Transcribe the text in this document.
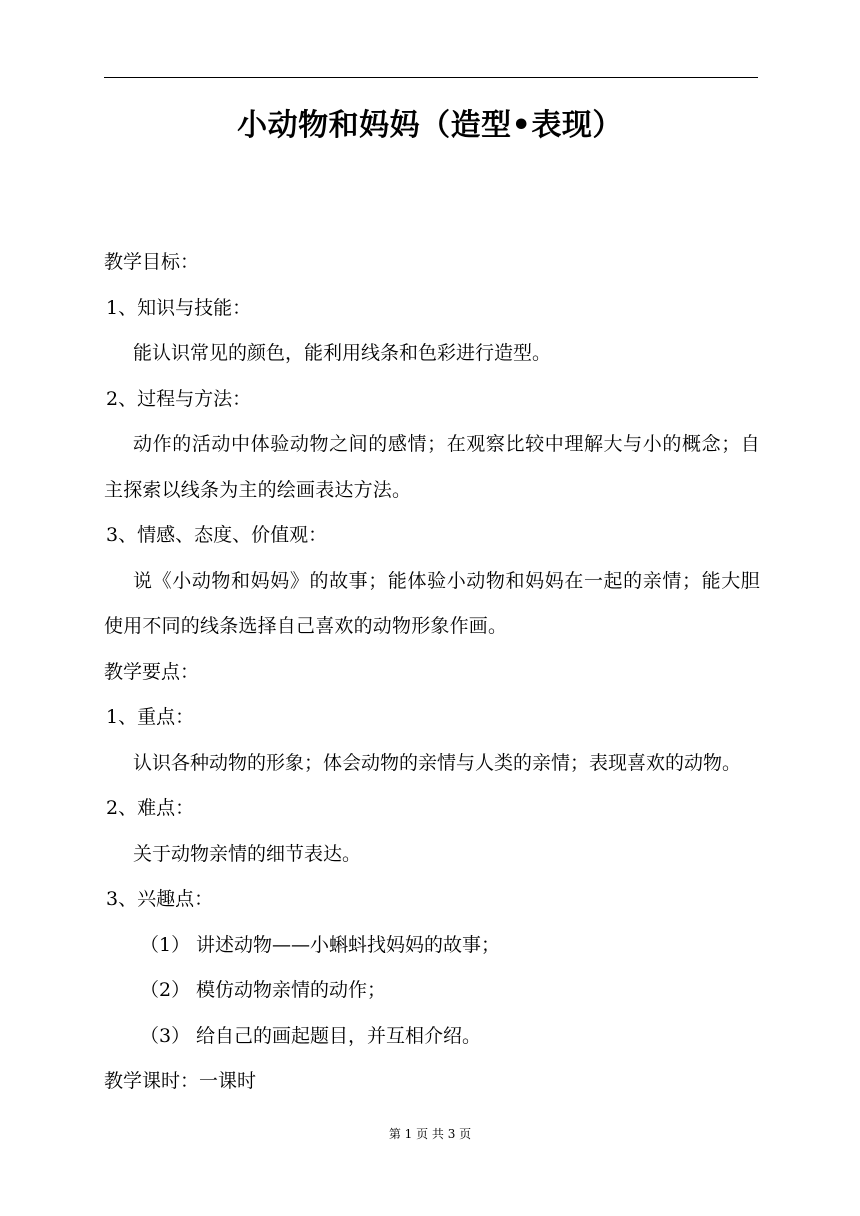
小动物和妈妈（造型•表现）
教学目标：
1、知识与技能：
能认识常见的颜色，能利用线条和色彩进行造型。
2、过程与方法：
动作的活动中体验动物之间的感情；在观察比较中理解大与小的概念；自主探索以线条为主的绘画表达方法。
3、情感、态度、价值观：
说《小动物和妈妈》的故事；能体验小动物和妈妈在一起的亲情；能大胆使用不同的线条选择自己喜欢的动物形象作画。
教学要点：
1、重点：
认识各种动物的形象；体会动物的亲情与人类的亲情；表现喜欢的动物。
2、难点：
关于动物亲情的细节表达。
3、兴趣点：
（1） 讲述动物——小蝌蚪找妈妈的故事；
（2） 模仿动物亲情的动作；
（3） 给自己的画起题目，并互相介绍。
教学课时：一课时
第 1 页 共 3 页
